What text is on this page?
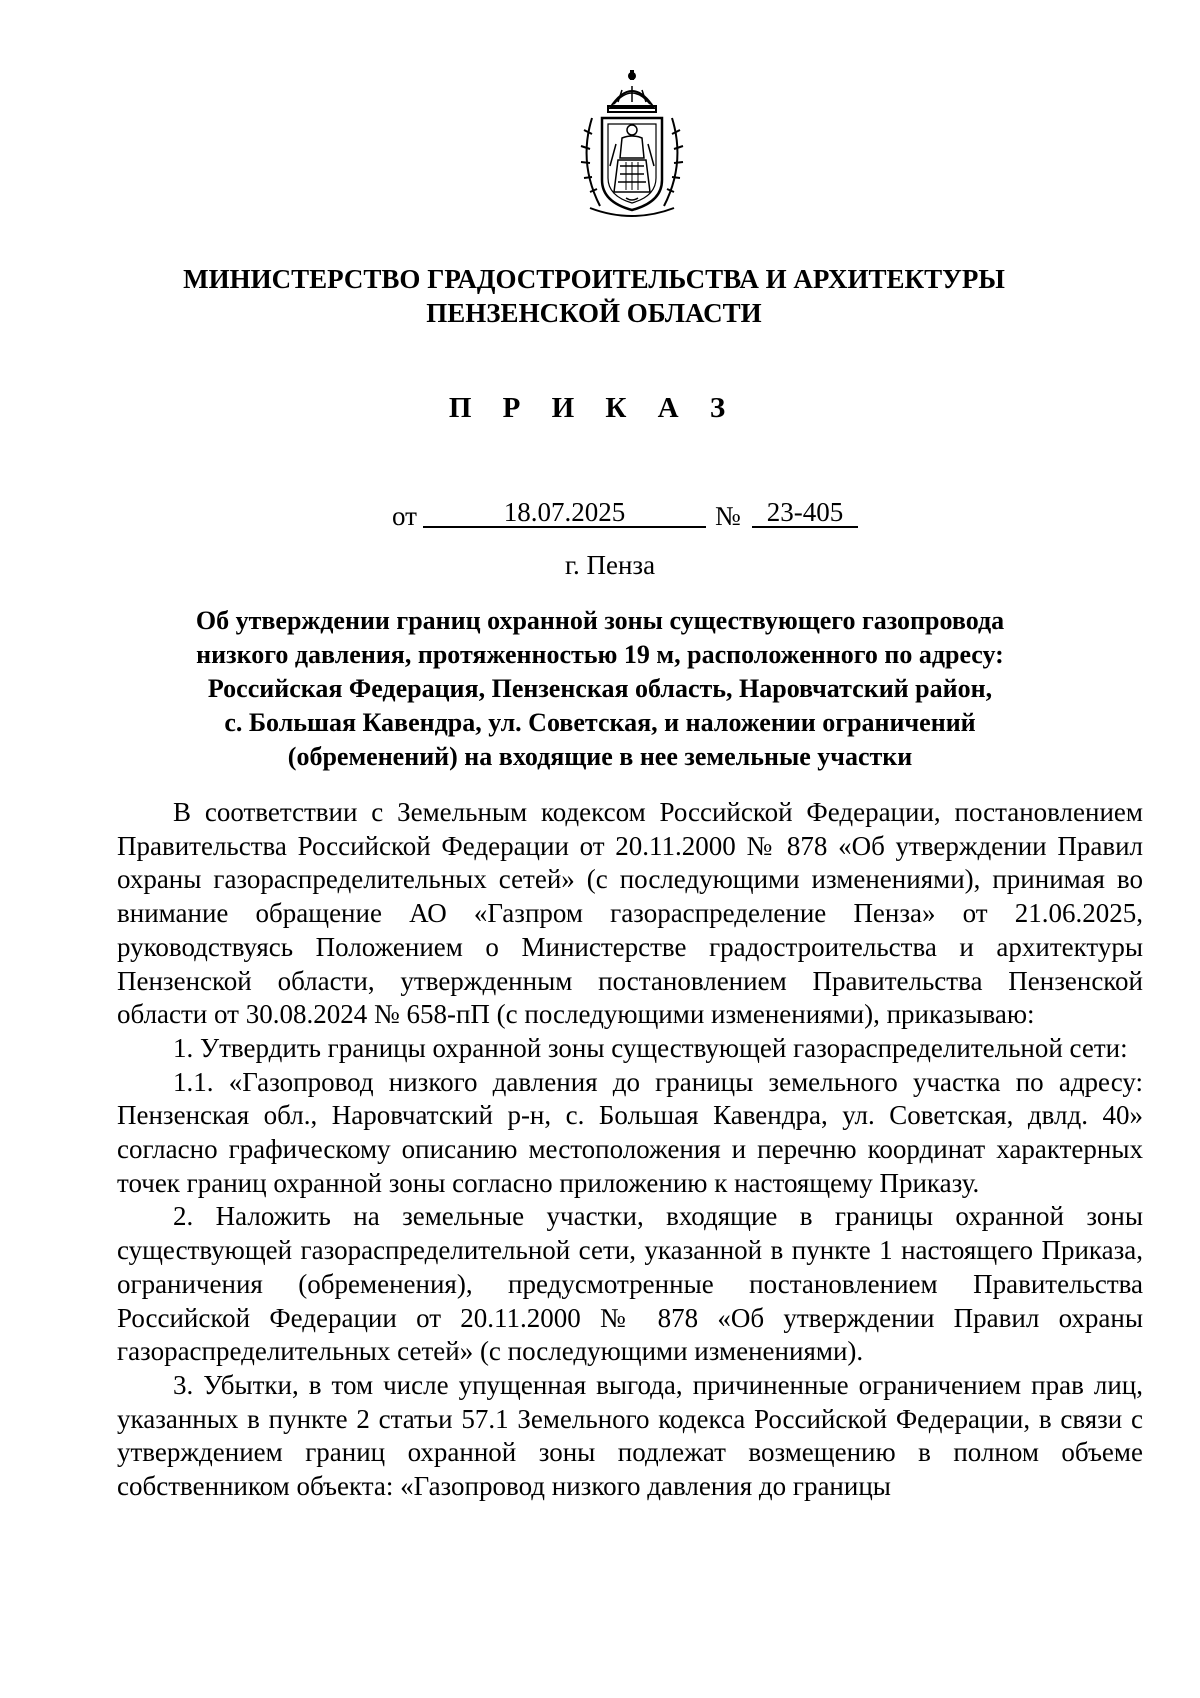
МИНИСТЕРСТВО ГРАДОСТРОИТЕЛЬСТВА И АРХИТЕКТУРЫ
ПЕНЗЕНСКОЙ ОБЛАСТИ
П Р И К А З
от	18.07.2025	№ 23-405
г. Пенза
Об утверждении границ охранной зоны существующего газопровода
низкого давления, протяженностью 19 м, расположенного по адресу:
Российская Федерация, Пензенская область, Наровчатский район,
с. Большая Кавендра, ул. Советская, и наложении ограничений
(обременений) на входящие в нее земельные участки

В соответствии с Земельным кодексом Российской Федерации, постановлением Правительства Российской Федерации от 20.11.2000 № 878 «Об утверждении Правил охраны газораспределительных сетей» (с последующими изменениями), принимая во внимание обращение АО «Газпром газораспределение Пенза» от 21.06.2025, руководствуясь Положением о Министерстве градостроительства и архитектуры Пензенской области, утвержденным постановлением Правительства Пензенской области от 30.08.2024 № 658-пП (с последующими изменениями), приказываю:

1. Утвердить границы охранной зоны существующей газораспределительной сети:

1.1. «Газопровод низкого давления до границы земельного участка по адресу: Пензенская обл., Наровчатский р-н, с. Большая Кавендра, ул. Советская, двлд. 40» согласно графическому описанию местоположения и перечню координат характерных точек границ охранной зоны согласно приложению к настоящему Приказу.

2. Наложить на земельные участки, входящие в границы охранной зоны существующей газораспределительной сети, указанной в пункте 1 настоящего Приказа, ограничения (обременения), предусмотренные постановлением Правительства Российской Федерации от 20.11.2000 № 878 «Об утверждении Правил охраны газораспределительных сетей» (с последующими изменениями).

3. Убытки, в том числе упущенная выгода, причиненные ограничением прав лиц, указанных в пункте 2 статьи 57.1 Земельного кодекса Российской Федерации, в связи с утверждением границ охранной зоны подлежат возмещению в полном объеме собственником объекта: «Газопровод низкого давления до границы
